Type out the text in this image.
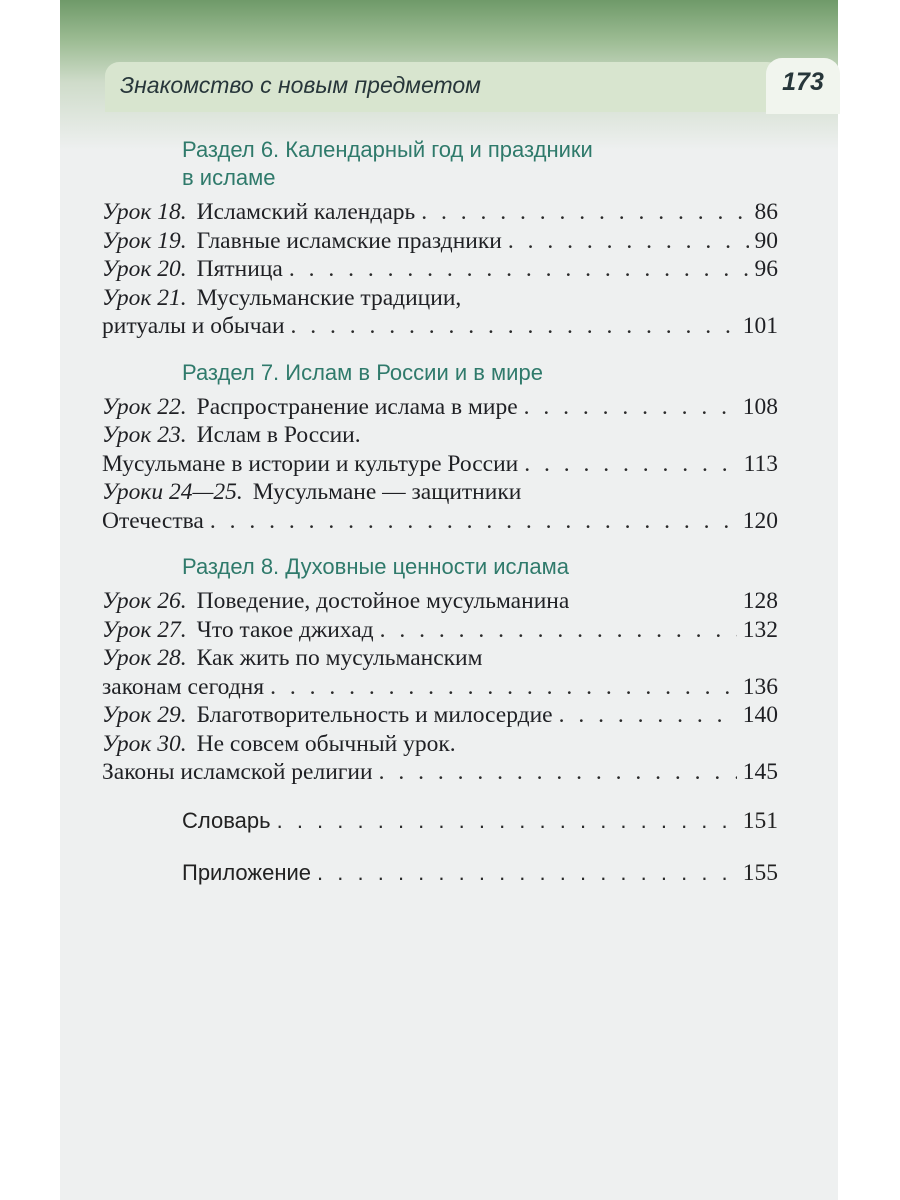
173
Знакомство с новым предметом
Раздел 6. Календарный год и праздники
в исламе
Урок 18. Исламский календарь . . .	86
Урок 19. Главные исламские праздники . . .	90
Урок 20. Пятница . . .	96
Урок 21. Мусульманские традиции,
ритуалы и обычаи . . .	101
Раздел 7. Ислам в России и в мире
Урок 22. Распространение ислама в мире . . .	108
Урок 23. Ислам в России.
Мусульмане в истории и культуре России . . .	113
Уроки 24—25. Мусульмане — защитники
Отечества . . .	120
Раздел 8. Духовные ценности ислама
Урок 26. Поведение, достойное мусульманина	128
Урок 27. Что такое джихад . . .	132
Урок 28. Как жить по мусульманским
законам сегодня . . .	136
Урок 29. Благотворительность и милосердие . . .	140
Урок 30. Не совсем обычный урок.
Законы исламской религии . . .	145
Словарь . . .	151
Приложение . . .	155
